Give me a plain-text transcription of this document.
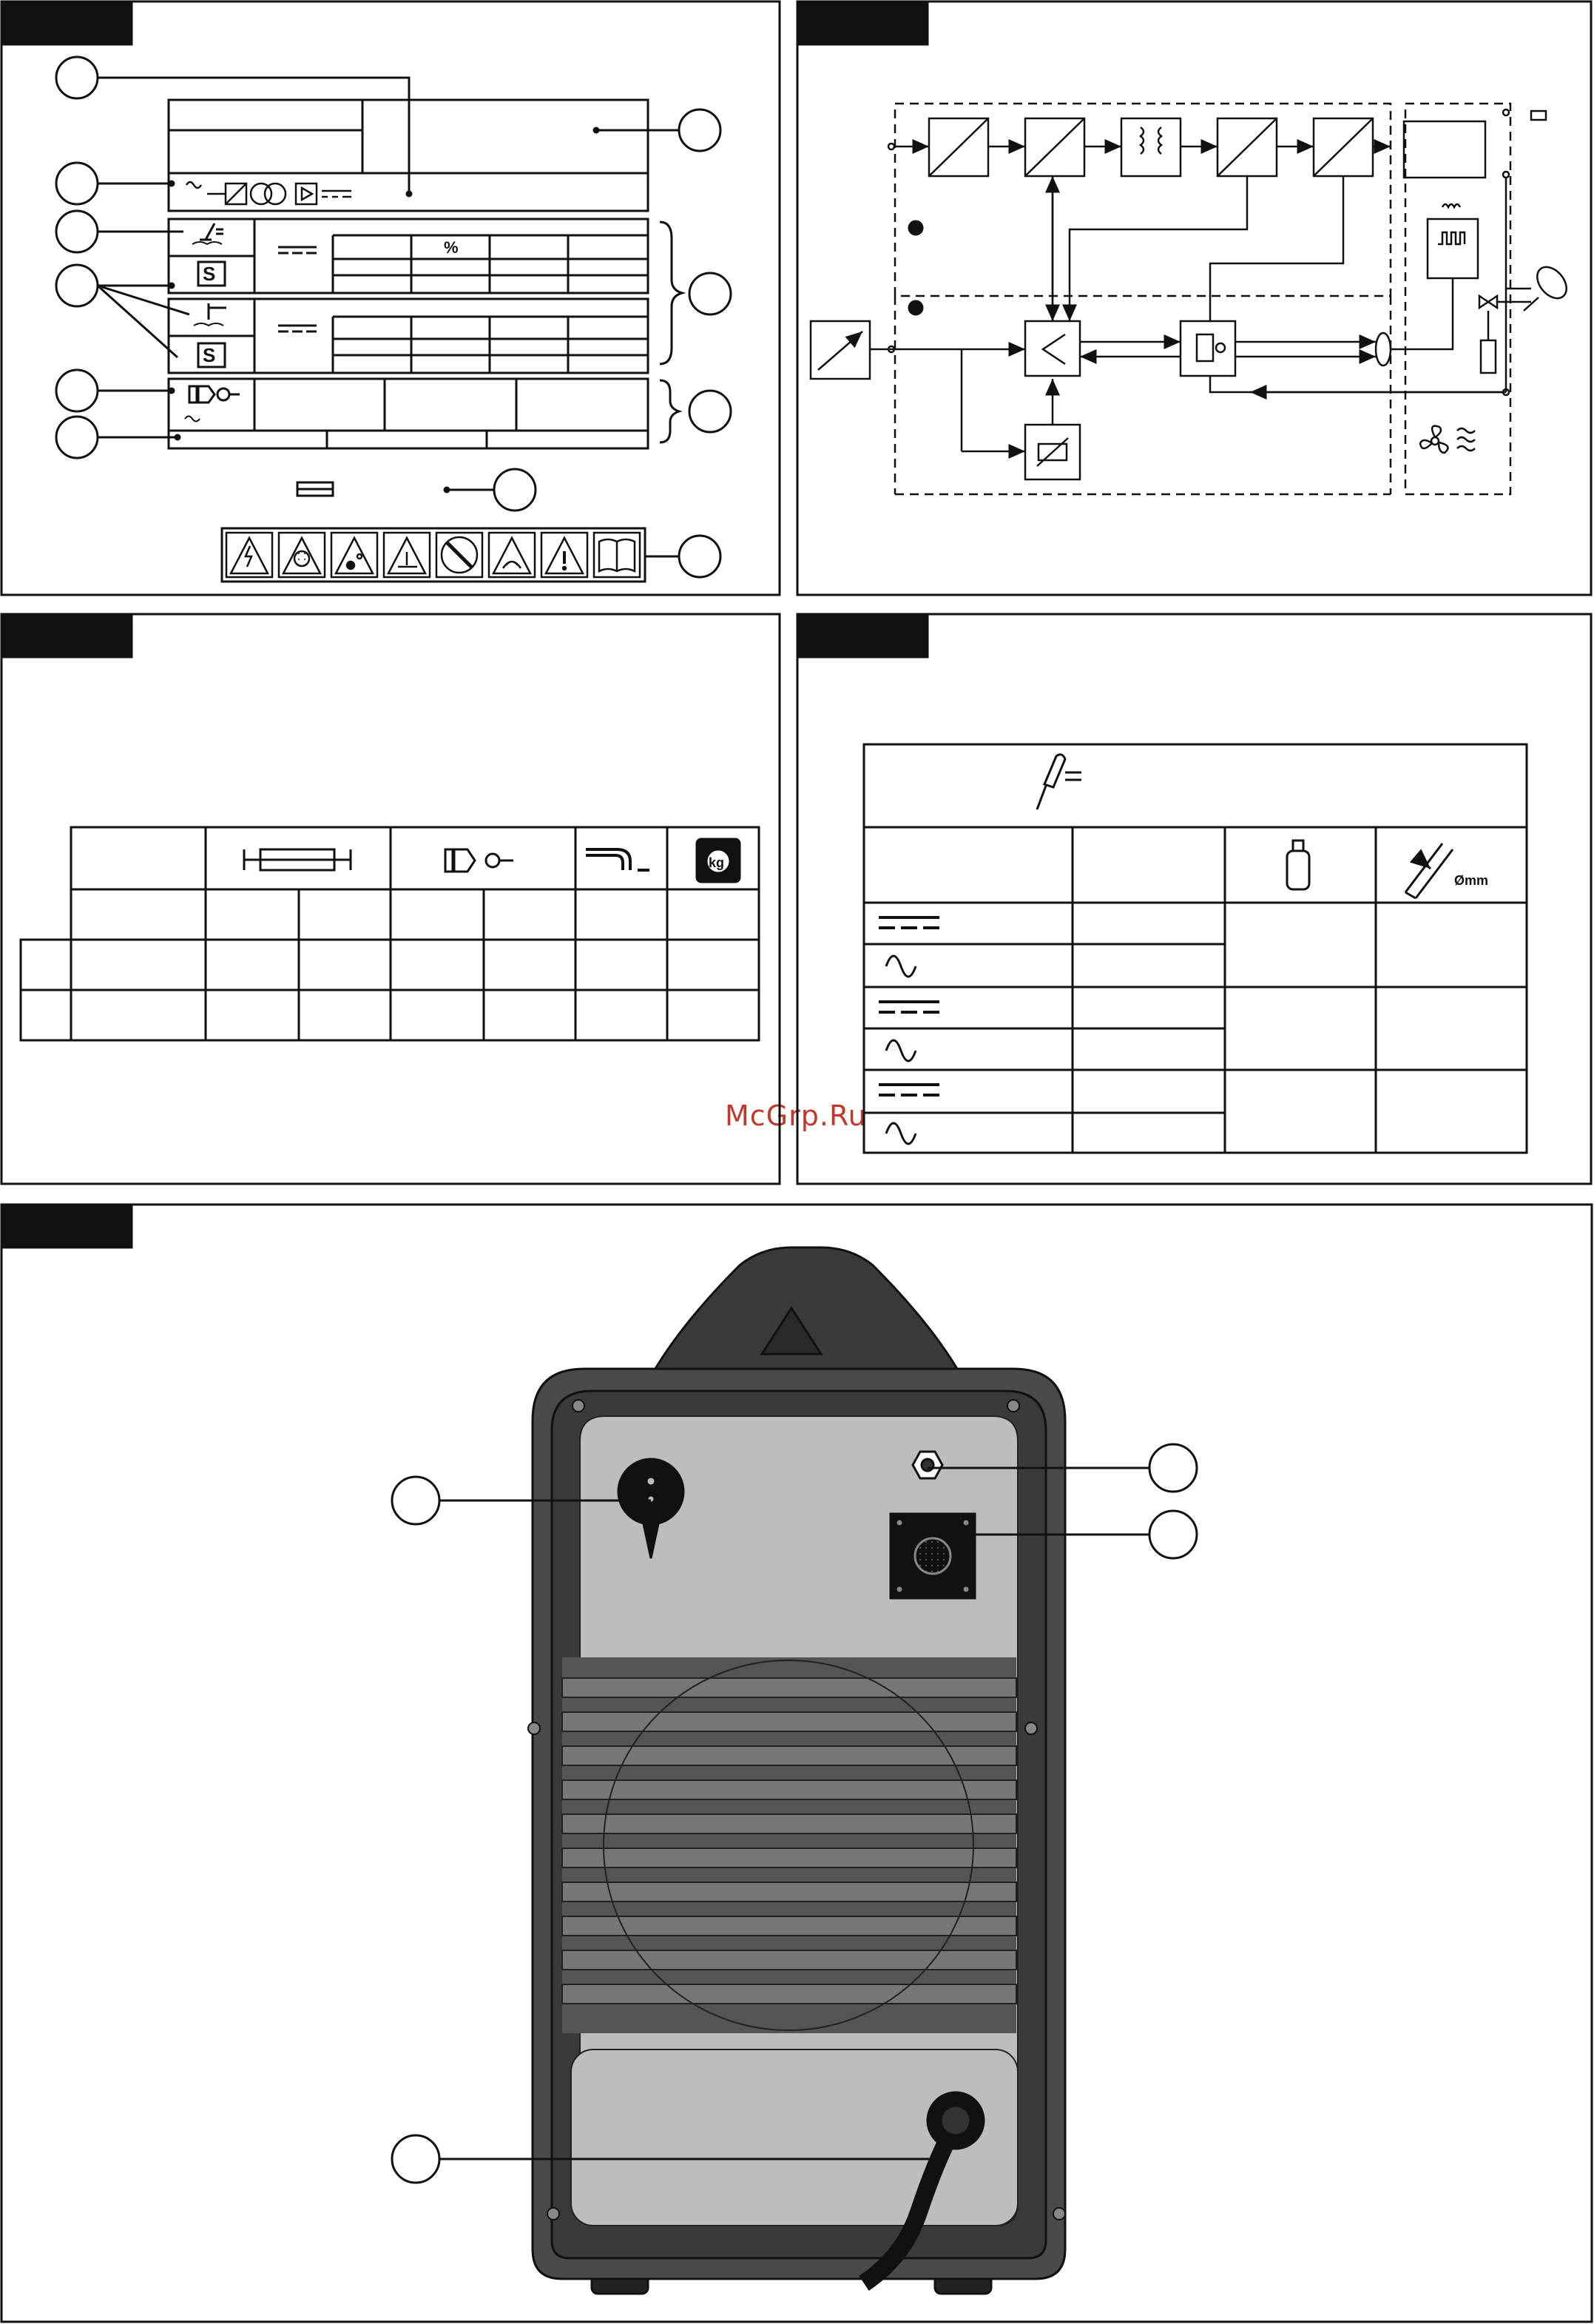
McGrp.Ru
%
kg
Ømm
S
S
